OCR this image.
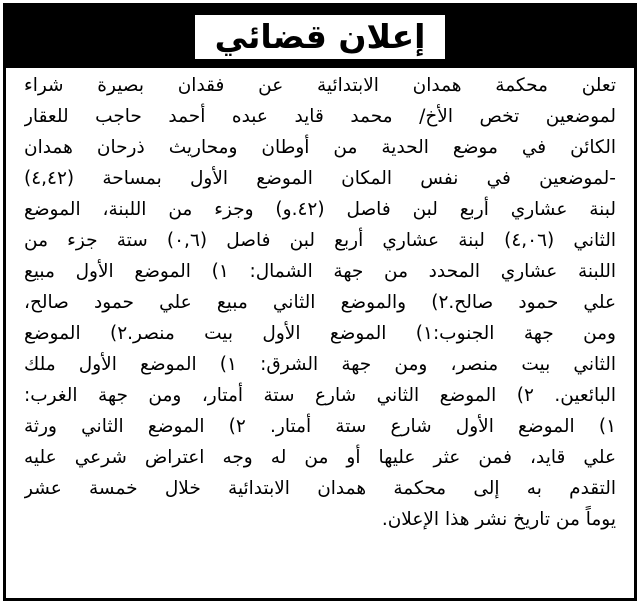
إعلان قضائي
تعلن محكمة همدان الابتدائية عن فقدان بصيرة شراء
لموضعين تخص الأخ/ محمد قايد عبده أحمد حاجب للعقار
الكائن في موضع الحدية من أوطان ومحاريث ذرحان همدان
-لموضعين في نفس المكان الموضع الأول بمساحة (٤,٤٢)
لبنة عشاري أربع لبن فاصل (٤٢.و) وجزء من اللبنة، الموضع
الثاني (٤,٠٦) لبنة عشاري أربع لبن فاصل (٠,٦) ستة جزء من
اللبنة عشاري المحدد من جهة الشمال: ١) الموضع الأول مبيع
علي حمود صالح.٢) والموضع الثاني مبيع علي حمود صالح،
ومن جهة الجنوب:١) الموضع الأول بيت منصر.٢) الموضع
الثاني بيت منصر، ومن جهة الشرق: ١) الموضع الأول ملك
البائعين. ٢) الموضع الثاني شارع ستة أمتار، ومن جهة الغرب:
١) الموضع الأول شارع ستة أمتار. ٢) الموضع الثاني ورثة
علي قايد، فمن عثر عليها أو من له وجه اعتراض شرعي عليه
التقدم به إلى محكمة همدان الابتدائية خلال خمسة عشر
يوماً من تاريخ نشر هذا الإعلان.
